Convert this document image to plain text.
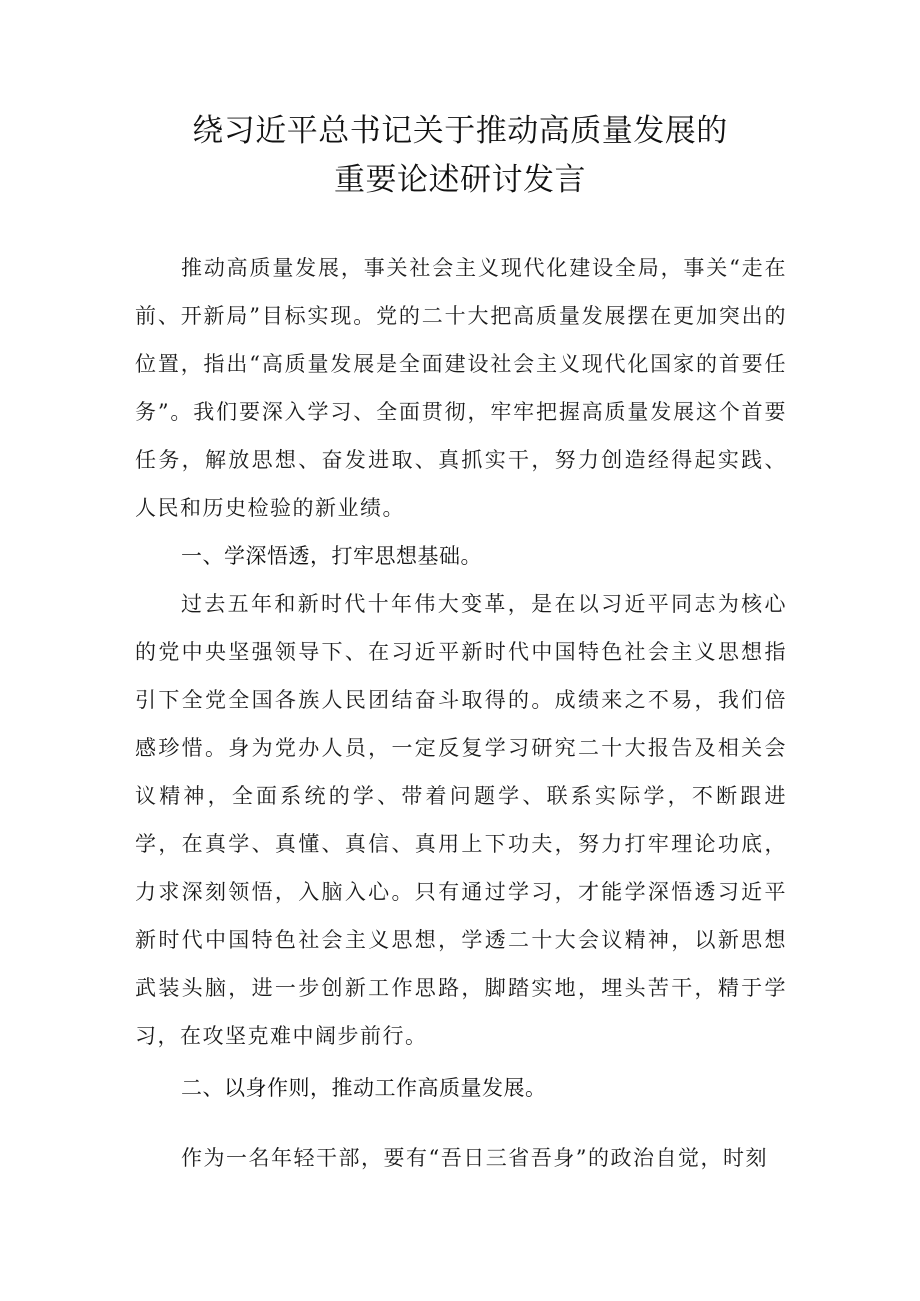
绕习近平总书记关于推动高质量发展的
重要论述研讨发言

推动高质量发展，事关社会主义现代化建设全局，事关“走在前、开新局”目标实现。党的二十大把高质量发展摆在更加突出的位置，指出“高质量发展是全面建设社会主义现代化国家的首要任务”。我们要深入学习、全面贯彻，牢牢把握高质量发展这个首要任务，解放思想、奋发进取、真抓实干，努力创造经得起实践、人民和历史检验的新业绩。

一、学深悟透，打牢思想基础。

过去五年和新时代十年伟大变革，是在以习近平同志为核心的党中央坚强领导下、在习近平新时代中国特色社会主义思想指引下全党全国各族人民团结奋斗取得的。成绩来之不易，我们倍感珍惜。身为党办人员，一定反复学习研究二十大报告及相关会议精神，全面系统的学、带着问题学、联系实际学，不断跟进学，在真学、真懂、真信、真用上下功夫，努力打牢理论功底，力求深刻领悟，入脑入心。只有通过学习，才能学深悟透习近平新时代中国特色社会主义思想，学透二十大会议精神，以新思想武装头脑，进一步创新工作思路，脚踏实地，埋头苦干，精于学习，在攻坚克难中阔步前行。

二、以身作则，推动工作高质量发展。

作为一名年轻干部，要有“吾日三省吾身”的政治自觉，时刻
